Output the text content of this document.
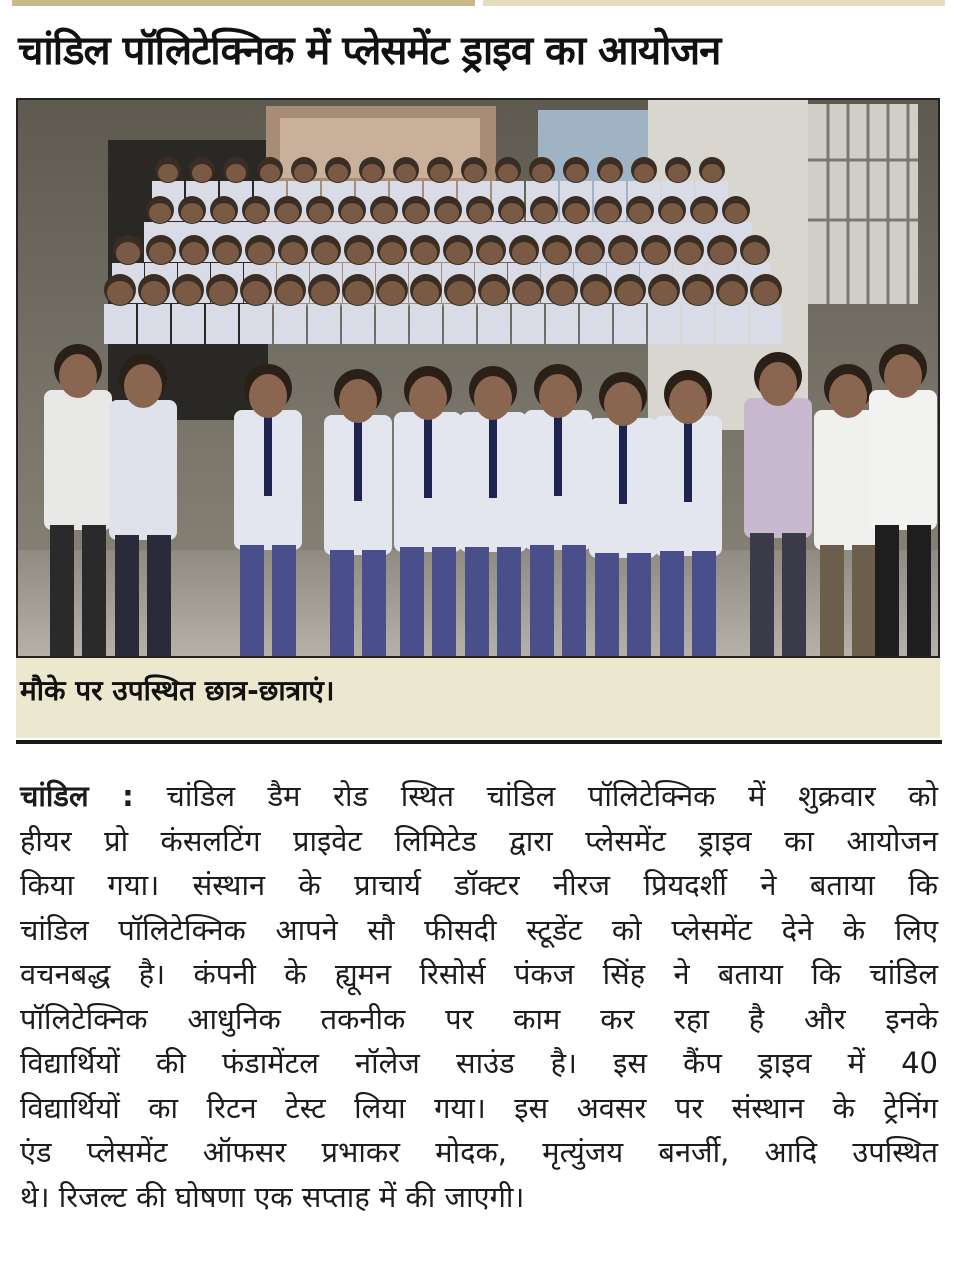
चांडिल पॉलिटेक्निक में प्लेसमेंट ड्राइव का आयोजन
मौके पर उपस्थित छात्र-छात्राएं।
चांडिल : चांडिल डैम रोड स्थित चांडिल पॉलिटेक्निक में शुक्रवार को
हीयर प्रो कंसलटिंग प्राइवेट लिमिटेड द्वारा प्लेसमेंट ड्राइव का आयोजन
किया गया। संस्थान के प्राचार्य डॉक्टर नीरज प्रियदर्शी ने बताया कि
चांडिल पॉलिटेक्निक आपने सौ फीसदी स्टूडेंट को प्लेसमेंट देने के लिए
वचनबद्ध है। कंपनी के ह्यूमन रिसोर्स पंकज सिंह ने बताया कि चांडिल
पॉलिटेक्निक आधुनिक तकनीक पर काम कर रहा है और इनके
विद्यार्थियों की फंडामेंटल नॉलेज साउंड है। इस कैंप ड्राइव में 40
विद्यार्थियों का रिटन टेस्ट लिया गया। इस अवसर पर संस्थान के ट्रेनिंग
एंड प्लेसमेंट ऑफसर प्रभाकर मोदक, मृत्युंजय बनर्जी, आदि उपस्थित
थे। रिजल्ट की घोषणा एक सप्ताह में की जाएगी।
